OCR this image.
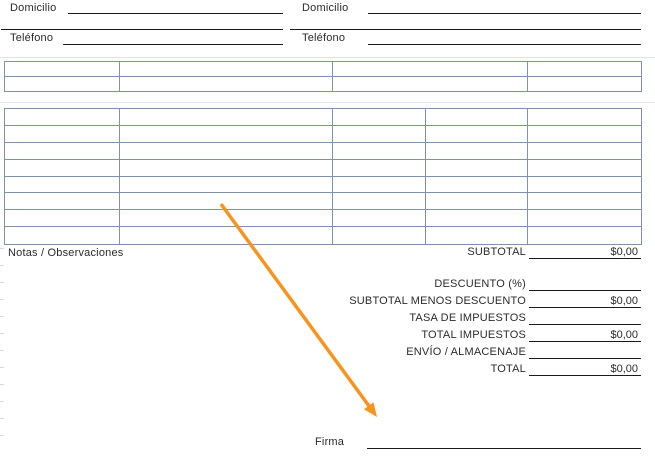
Domicilio
Teléfono
Domicilio
Teléfono
Notas / Observaciones	SUBTOTAL	$0,00
DESCUENTO (%)
SUBTOTAL MENOS DESCUENTO	$0,00
TASA DE IMPUESTOS
TOTAL IMPUESTOS	$0,00
ENVÍO / ALMACENAJE
TOTAL	$0,00
Firma
